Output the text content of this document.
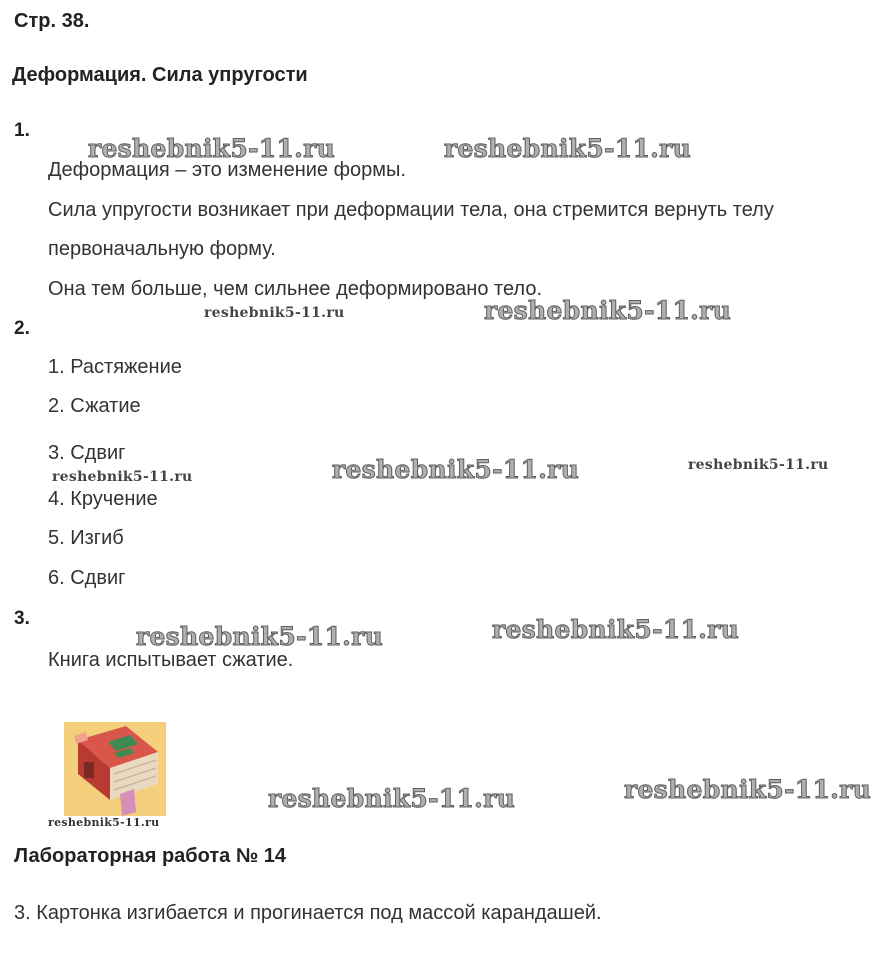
Стр. 38.
Деформация. Сила упругости
1.
reshebnik5-11.ru	reshebnik5-11.ru
Деформация – это изменение формы.
Сила упругости возникает при деформации тела, она стремится вернуть телу
первоначальную форму.
Она тем больше, чем сильнее деформировано тело.
2.
reshebnik5-11.ru	reshebnik5-11.ru
1. Растяжение
2. Сжатие
3. Сдвиг
reshebnik5-11.ru	reshebnik5-11.ru	reshebnik5-11.ru
4. Кручение
5. Изгиб
6. Сдвиг
3.
reshebnik5-11.ru	reshebnik5-11.ru
Книга испытывает сжатие.
reshebnik5-11.ru
reshebnik5-11.ru	reshebnik5-11.ru
Лабораторная работа № 14
3. Картонка изгибается и прогинается под массой карандашей.
